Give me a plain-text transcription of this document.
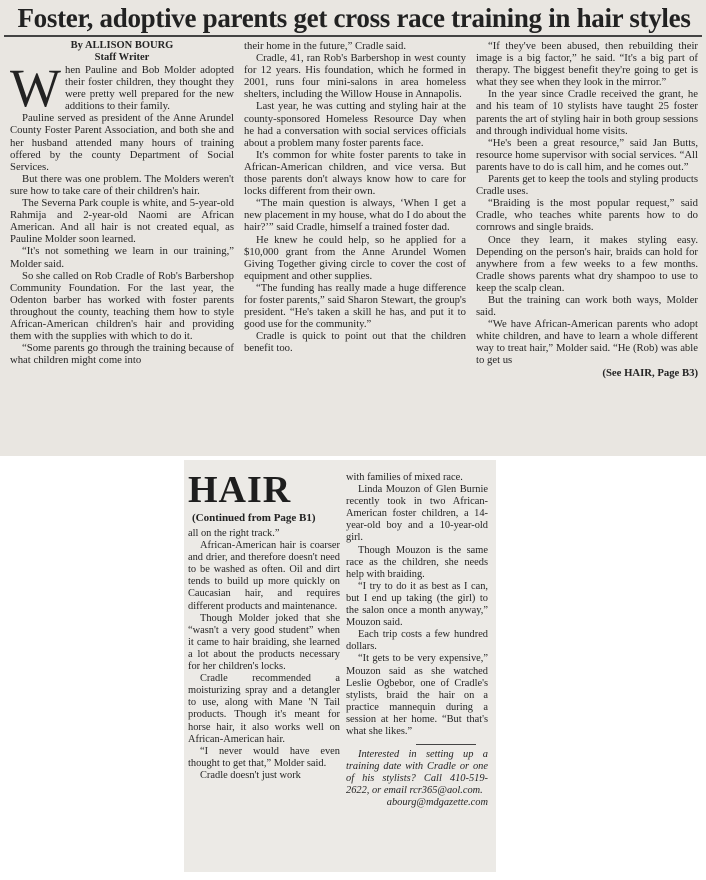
Foster, adoptive parents get cross race training in hair styles
By ALLISON BOURG
Staff Writer

When Pauline and Bob Molder adopted their foster children, they thought they were pretty well prepared for the new additions to their family.

Pauline served as president of the Anne Arundel County Foster Parent Association, and both she and her husband attended many hours of training offered by the county Department of Social Services.

But there was one problem. The Molders weren't sure how to take care of their children's hair.

The Severna Park couple is white, and 5-year-old Rahmija and 2-year-old Naomi are African American. And all hair is not created equal, as Pauline Molder soon learned.

“It's not something we learn in our training,” Molder said.

So she called on Rob Cradle of Rob's Barbershop Community Foundation. For the last year, the Odenton barber has worked with foster parents throughout the county, teaching them how to style African-American children's hair and providing them with the supplies with which to do it.

“Some parents go through the training because of what children might come into

their home in the future,” Cradle said.

Cradle, 41, ran Rob's Barbershop in west county for 12 years. His foundation, which he formed in 2001, runs four mini-salons in area homeless shelters, including the Willow House in Annapolis.

Last year, he was cutting and styling hair at the county-sponsored Homeless Resource Day when he had a conversation with social services officials about a problem many foster parents face.

It's common for white foster parents to take in African-American children, and vice versa. But those parents don't always know how to care for locks different from their own.

“The main question is always, ‘When I get a new placement in my house, what do I do about the hair?’” said Cradle, himself a trained foster dad.

He knew he could help, so he applied for a $10,000 grant from the Anne Arundel Women Giving Together giving circle to cover the cost of equipment and other supplies.

“The funding has really made a huge difference for foster parents,” said Sharon Stewart, the group's president. “He's taken a skill he has, and put it to good use for the community.”

Cradle is quick to point out that the children benefit too.

“If they've been abused, then rebuilding their image is a big factor,” he said. “It's a big part of therapy. The biggest benefit they're going to get is what they see when they look in the mirror.”

In the year since Cradle received the grant, he and his team of 10 stylists have taught 25 foster parents the art of styling hair in both group sessions and through individual home visits.

“He's been a great resource,” said Jan Butts, resource home supervisor with social services. “All parents have to do is call him, and he comes out.”

Parents get to keep the tools and styling products Cradle uses.

“Braiding is the most popular request,” said Cradle, who teaches white parents how to do cornrows and single braids.

Once they learn, it makes styling easy. Depending on the person's hair, braids can hold for anywhere from a few weeks to a few months. Cradle shows parents what dry shampoo to use to keep the scalp clean.

But the training can work both ways, Molder said.

“We have African-American parents who adopt white children, and have to learn a whole different way to treat hair,” Molder said. “He (Rob) was able to get us

(See HAIR, Page B3)
HAIR
(Continued from Page B1)

all on the right track.”

African-American hair is coarser and drier, and therefore doesn't need to be washed as often. Oil and dirt tends to build up more quickly on Caucasian hair, and requires different products and maintenance.

Though Molder joked that she “wasn't a very good student” when it came to hair braiding, she learned a lot about the products necessary for her children's locks.

Cradle recommended a moisturizing spray and a detangler to use, along with Mane 'N Tail products. Though it's meant for horse hair, it also works well on African-American hair.

“I never would have even thought to get that,” Molder said.

Cradle doesn't just work

with families of mixed race.

Linda Mouzon of Glen Burnie recently took in two African-American foster children, a 14-year-old boy and a 10-year-old girl.

Though Mouzon is the same race as the children, she needs help with braiding.

“I try to do it as best as I can, but I end up taking (the girl) to the salon once a month anyway,” Mouzon said.

Each trip costs a few hundred dollars.

“It gets to be very expensive,” Mouzon said as she watched Leslie Ogbebor, one of Cradle's stylists, braid the hair on a practice mannequin during a session at her home. “But that's what she likes.”

Interested in setting up a training date with Cradle or one of his stylists? Call 410-519-2622, or email rcr365@aol.com.

abourg@mdgazette.com
